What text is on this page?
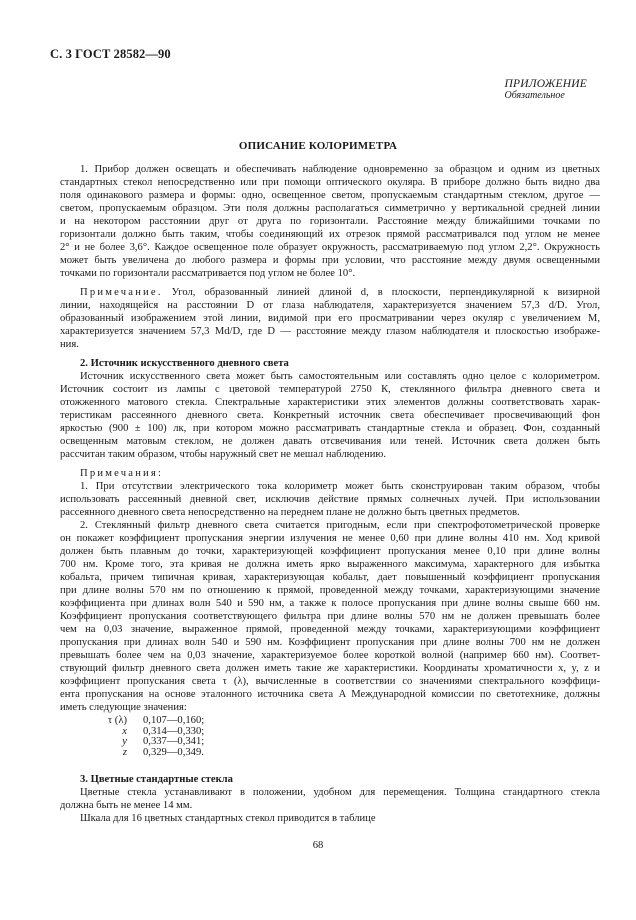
С. 3 ГОСТ 28582—90
ПРИЛОЖЕНИЕ
Обязательное
ОПИСАНИЕ КОЛОРИМЕТРА
1. Прибор должен освещать и обеспечивать наблюдение одновременно за образцом и одним из цветных
стандартных стекол непосредственно или при помощи оптического окуляра. В приборе должно быть видно два
поля одинакового размера и формы: одно, освещенное светом, пропускаемым стандартным стеклом, другое —
светом, пропускаемым образцом. Эти поля должны располагаться симметрично у вертикальной средней линии
и на некотором расстоянии друг от друга по горизонтали. Расстояние между ближайшими точками по
горизонтали должно быть таким, чтобы соединяющий их отрезок прямой рассматривался под углом не менее
2° и не более 3,6°. Каждое освещенное поле образует окружность, рассматриваемую под углом 2,2°. Окружность
может быть увеличена до любого размера и формы при условии, что расстояние между двумя освещенными
точками по горизонтали рассматривается под углом не более 10°.
Примечание. Угол, образованный линией длиной d, в плоскости, перпендикулярной к визирной
линии, находящейся на расстоянии D от глаза наблюдателя, характеризуется значением 57,3 d/D. Угол,
образованный изображением этой линии, видимой при его просматривании через окуляр с увеличением M,
характеризуется значением 57,3 Md/D, где D — расстояние между глазом наблюдателя и плоскостью изображе-
ния.
2. Источник искусственного дневного света
Источник искусственного света может быть самостоятельным или составлять одно целое с колориметром.
Источник состоит из лампы с цветовой температурой 2750 К, стеклянного фильтра дневного света и
отожженного матового стекла. Спектральные характеристики этих элементов должны соответствовать харак-
теристикам рассеянного дневного света. Конкретный источник света обеспечивает просвечивающий фон
яркостью (900 ± 100) лк, при котором можно рассматривать стандартные стекла и образец. Фон, созданный
освещенным матовым стеклом, не должен давать отсвечивания или теней. Источник света должен быть
рассчитан таким образом, чтобы наружный свет не мешал наблюдению.
Примечания:
1. При отсутствии электрического тока колориметр может быть сконструирован таким образом, чтобы
использовать рассеянный дневной свет, исключив действие прямых солнечных лучей. При использовании
рассеянного дневного света непосредственно на переднем плане не должно быть цветных предметов.
2. Стеклянный фильтр дневного света считается пригодным, если при спектрофотометрической проверке
он покажет коэффициент пропускания энергии излучения не менее 0,60 при длине волны 410 нм. Ход кривой
должен быть плавным до точки, характеризующей коэффициент пропускания менее 0,10 при длине волны
700 нм. Кроме того, эта кривая не должна иметь ярко выраженного максимума, характерного для избытка
кобальта, причем типичная кривая, характеризующая кобальт, дает повышенный коэффициент пропускания
при длине волны 570 нм по отношению к прямой, проведенной между точками, характеризующими значение
коэффициента при длинах волн 540 и 590 нм, а также к полосе пропускания при длине волны свыше 660 нм.
Коэффициент пропускания соответствующего фильтра при длине волны 570 нм не должен превышать более
чем на 0,03 значение, выраженное прямой, проведенной между точками, характеризующими коэффициент
пропускания при длинах волн 540 и 590 нм. Коэффициент пропускания при длине волны 700 нм не должен
превышать более чем на 0,03 значение, характеризуемое более короткой волной (например 660 нм). Соответ-
ствующий фильтр дневного света должен иметь такие же характеристики. Координаты хроматичности x, y, z и
коэффициент пропускания света τ (λ), вычисленные в соответствии со значениями спектрального коэффици-
ента пропускания на основе эталонного источника света A Международной комиссии по светотехнике, должны
иметь следующие значения:
τ (λ) 0,107—0,160;
x 0,314—0,330;
y 0,337—0,341;
z 0,329—0,349.
3. Цветные стандартные стекла
Цветные стекла устанавливают в положении, удобном для перемещения. Толщина стандартного стекла
должна быть не менее 14 мм.
Шкала для 16 цветных стандартных стекол приводится в таблице
68
